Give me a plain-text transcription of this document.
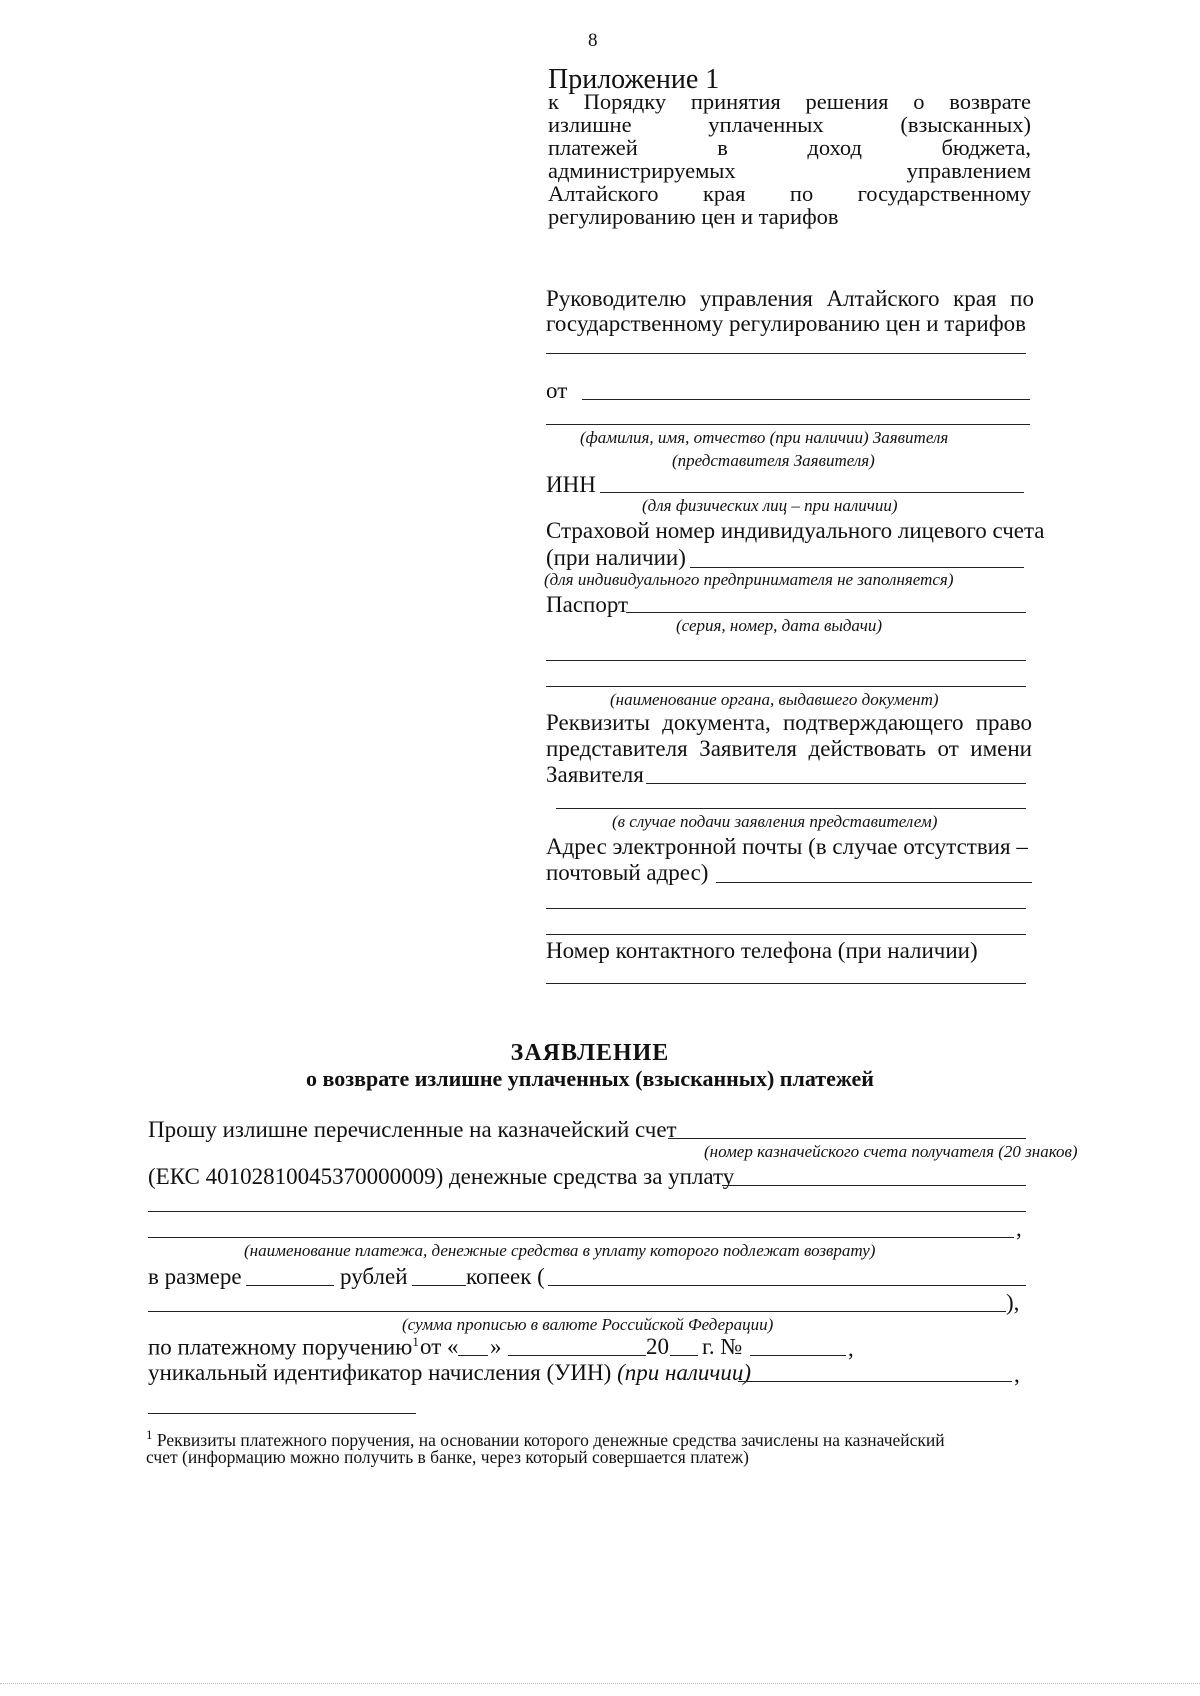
8
Приложение 1
к Порядку принятия решения о возврате
излишне	уплаченных	(взысканных)
платежей	в	доход	бюджета,
администрируемых	управлением
Алтайского края по государственному
регулированию цен и тарифов
Руководителю управления Алтайского края по
государственному регулированию цен и тарифов
от
(фамилия, имя, отчество (при наличии) Заявителя
(представителя Заявителя)
ИНН
(для физических лиц – при наличии)
Страховой номер индивидуального лицевого счета
(при наличии)
(для индивидуального предпринимателя не заполняется)
Паспорт
(серия, номер, дата выдачи)
(наименование органа, выдавшего документ)
Реквизиты документа, подтверждающего право
представителя Заявителя действовать от имени
Заявителя
(в случае подачи заявления представителем)
Адрес электронной почты (в случае отсутствия –
почтовый адрес)
Номер контактного телефона (при наличии)
ЗАЯВЛЕНИЕ
о возврате излишне уплаченных (взысканных) платежей
Прошу излишне перечисленные на казначейский счет
(номер казначейского счета получателя (20 знаков)
(ЕКС 40102810045370000009) денежные средства за уплату
,
(наименование платежа, денежные средства в уплату которого подлежат возврату)
в размере	рублей	копеек (
),
(сумма прописью в валюте Российской Федерации)
по платежному поручению$^1$ от « »	20 г. №	,
уникальный идентификатор начисления (УИН) (при наличии)	,
$^1$ Реквизиты платежного поручения, на основании которого денежные средства зачислены на казначейский
счет (информацию можно получить в банке, через который совершается платеж)
